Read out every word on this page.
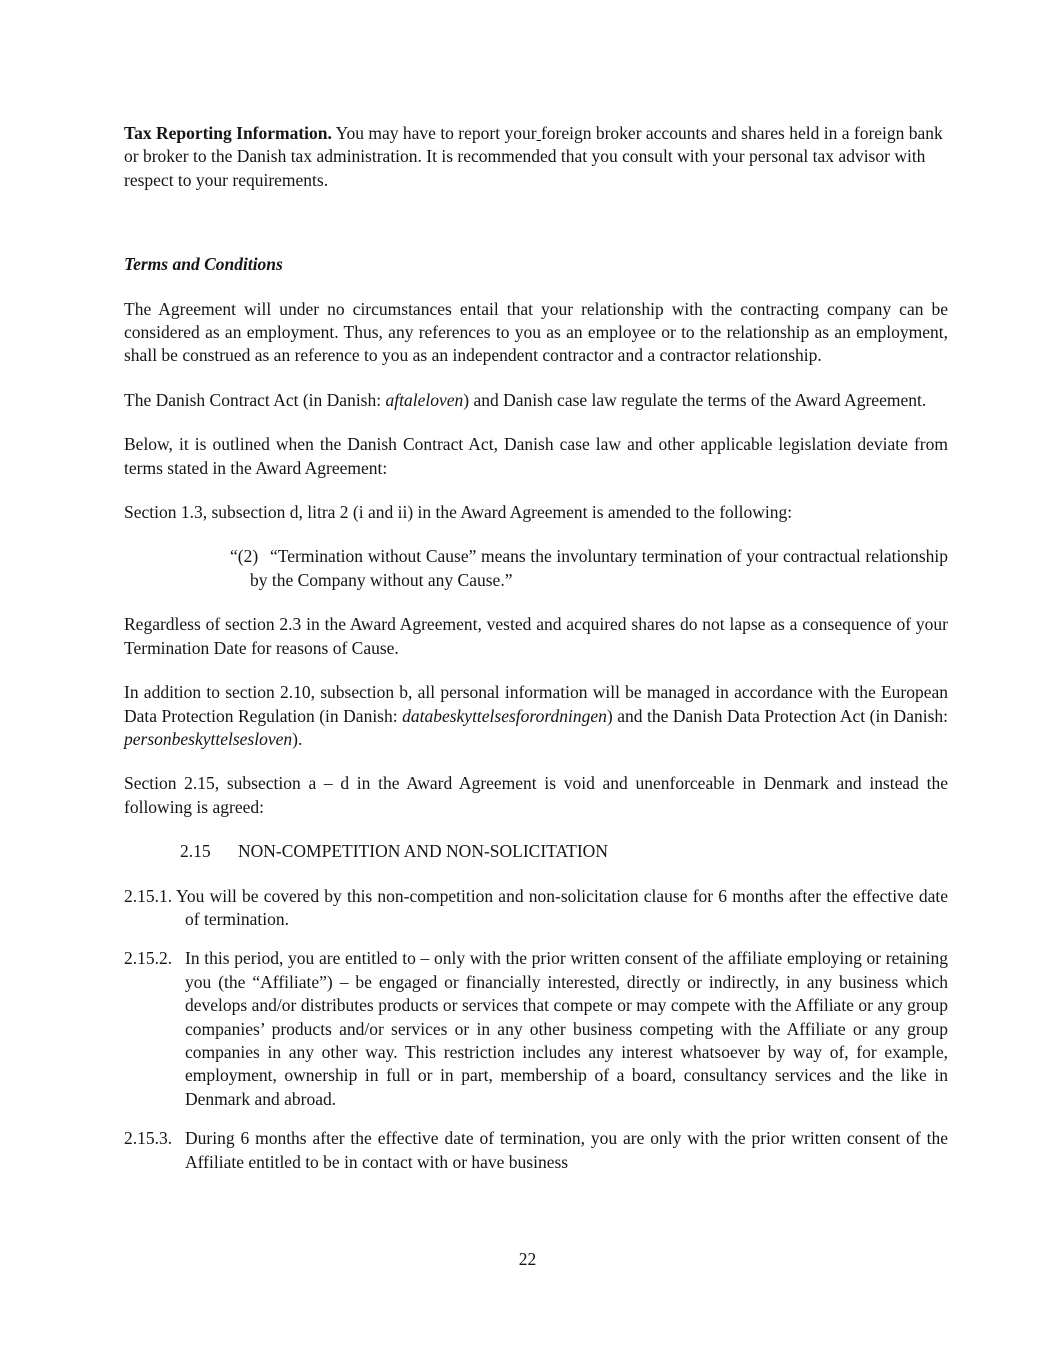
Tax Reporting Information. You may have to report your foreign broker accounts and shares held in a foreign bank or broker to the Danish tax administration. It is recommended that you consult with your personal tax advisor with respect to your requirements.

Terms and Conditions

The Agreement will under no circumstances entail that your relationship with the contracting company can be considered as an employment. Thus, any references to you as an employee or to the relationship as an employment, shall be construed as an reference to you as an independent contractor and a contractor relationship.

The Danish Contract Act (in Danish: aftaleloven) and Danish case law regulate the terms of the Award Agreement.

Below, it is outlined when the Danish Contract Act, Danish case law and other applicable legislation deviate from terms stated in the Award Agreement:

Section 1.3, subsection d, litra 2 (i and ii) in the Award Agreement is amended to the following:

“(2) “Termination without Cause” means the involuntary termination of your contractual relationship by the Company without any Cause.”

Regardless of section 2.3 in the Award Agreement, vested and acquired shares do not lapse as a consequence of your Termination Date for reasons of Cause.

In addition to section 2.10, subsection b, all personal information will be managed in accordance with the European Data Protection Regulation (in Danish: databeskyttelsesforordningen) and the Danish Data Protection Act (in Danish: personbeskyttelsesloven).

Section 2.15, subsection a – d in the Award Agreement is void and unenforceable in Denmark and instead the following is agreed:

2.15 NON-COMPETITION AND NON-SOLICITATION
2.15.1. You will be covered by this non-competition and non-solicitation clause for 6 months after the effective date of termination.
2.15.2. In this period, you are entitled to – only with the prior written consent of the affiliate employing or retaining you (the “Affiliate”) – be engaged or financially interested, directly or indirectly, in any business which develops and/or distributes products or services that compete or may compete with the Affiliate or any group companies’ products and/or services or in any other business competing with the Affiliate or any group companies in any other way. This restriction includes any interest whatsoever by way of, for example, employment, ownership in full or in part, membership of a board, consultancy services and the like in Denmark and abroad.
2.15.3. During 6 months after the effective date of termination, you are only with the prior written consent of the Affiliate entitled to be in contact with or have business
22
